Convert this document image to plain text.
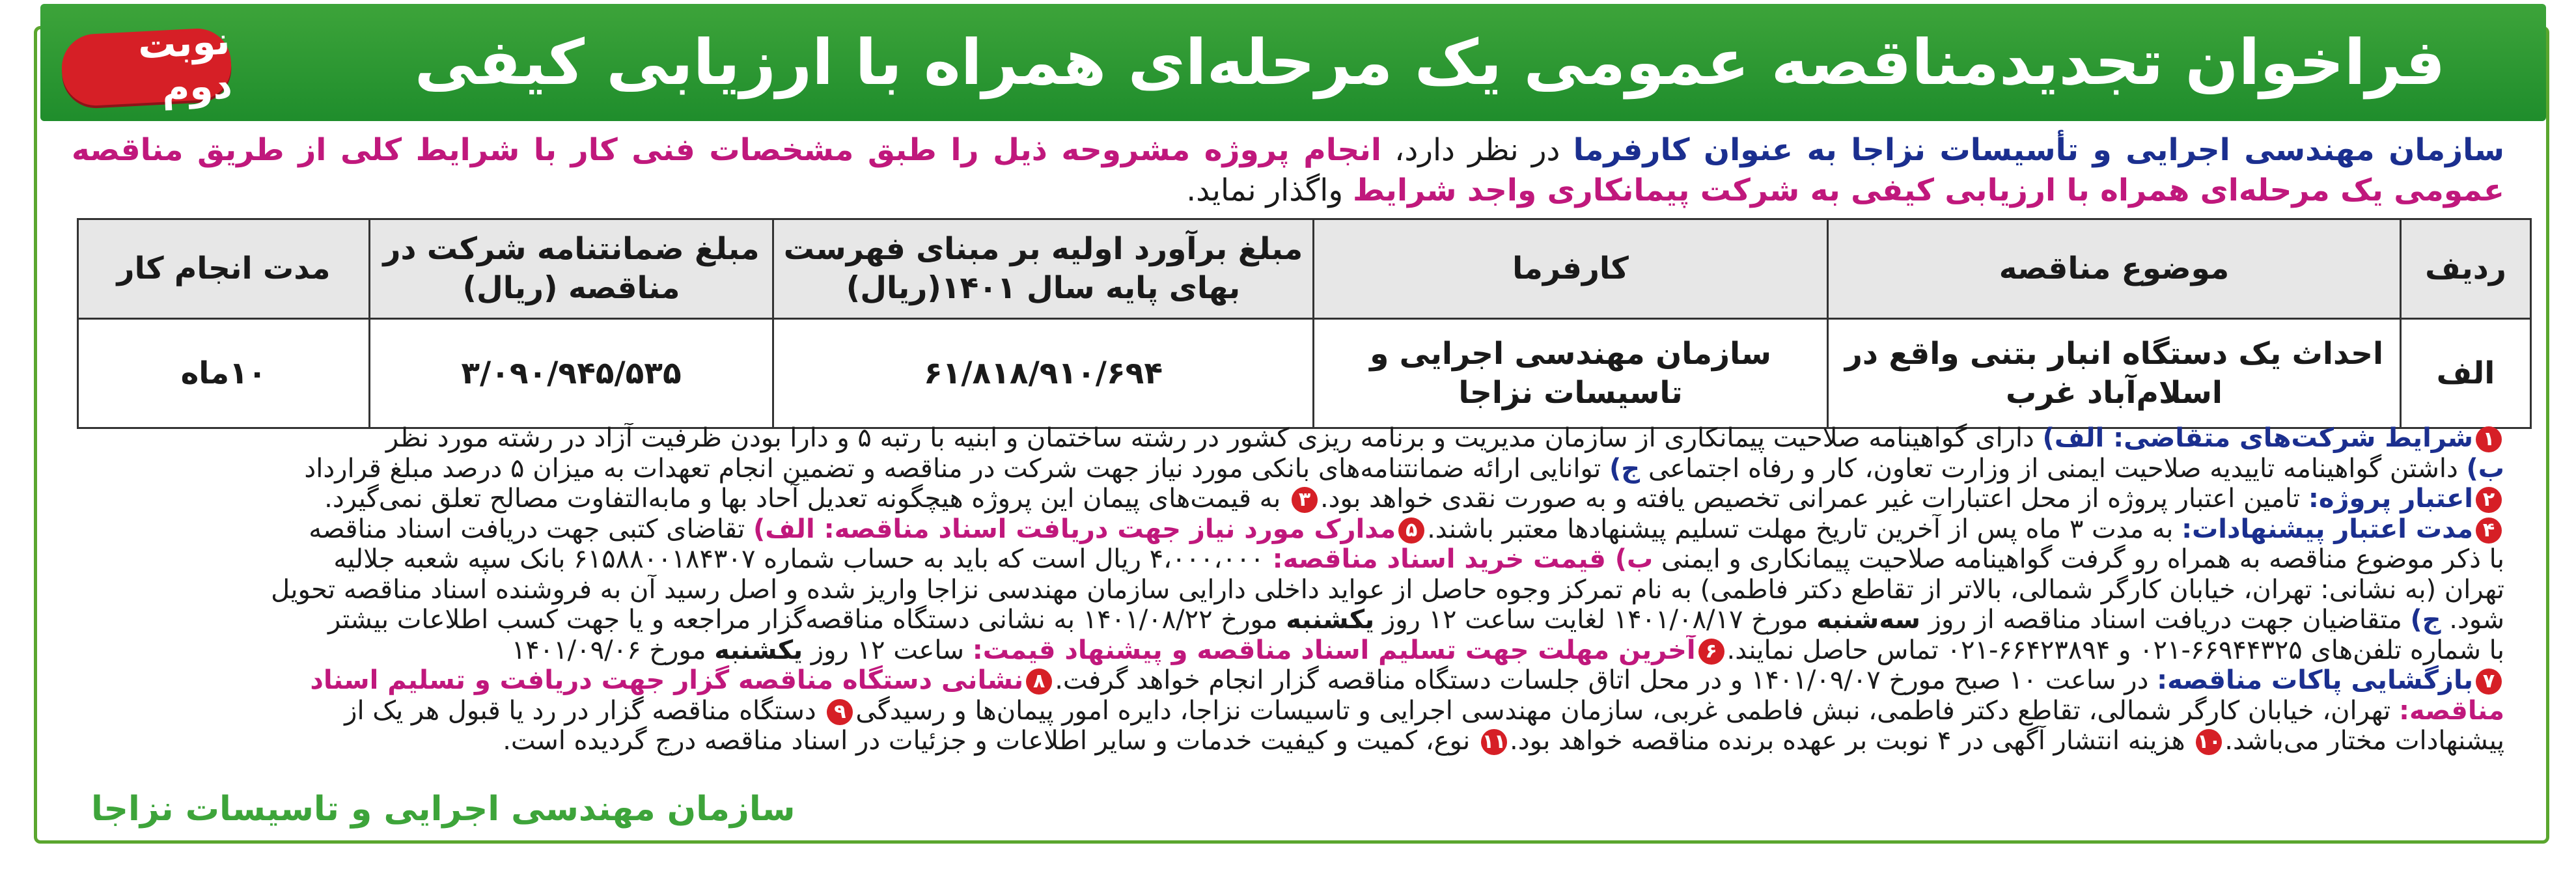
فراخوان تجدیدمناقصه عمومی یک مرحله‌ای همراه با ارزیابی کیفی
نوبت دوم
سازمان مهندسی اجرایی و تأسیسات نزاجا به عنوان کارفرما در نظر دارد، انجام پروژه مشروحه ذیل را طبق مشخصات فنی کار با شرایط کلی از طریق مناقصه عمومی یک مرحله‌ای همراه با ارزیابی کیفی به شرکت پیمانکاری واجد شرایط واگذار نماید.
ردیف	موضوع مناقصه	کارفرما	مبلغ برآورد اولیه بر مبنای فهرست بهای پایه سال ۱۴۰۱(ریال)	مبلغ ضمانتنامه شرکت در مناقصه (ریال)	مدت انجام کار
الف	احداث یک دستگاه انبار بتنی واقع در اسلام‌آباد غرب	سازمان مهندسی اجرایی و تاسیسات نزاجا	۶۱/۸۱۸/۹۱۰/۶۹۴	۳/۰۹۰/۹۴۵/۵۳۵	۱۰ماه
۱شرایط شرکت‌های متقاضی: الف) دارای گواهینامه صلاحیت پیمانکاری از سازمان مدیریت و برنامه ریزی کشور در رشته ساختمان و ابنیه با رتبه ۵ و دارا بودن ظرفیت آزاد در رشته مورد نظر
ب) داشتن گواهینامه تاییدیه صلاحیت ایمنی از وزارت تعاون، کار و رفاه اجتماعی ج) توانایی ارائه ضمانتنامه‌های بانکی مورد نیاز جهت شرکت در مناقصه و تضمین انجام تعهدات به میزان ۵ درصد مبلغ قرارداد
۲اعتبار پروژه: تامین اعتبار پروژه از محل اعتبارات غیر عمرانی تخصیص یافته و به صورت نقدی خواهد بود.۳ به قیمت‌های پیمان این پروژه هیچگونه تعدیل آحاد بها و مابه‌التفاوت مصالح تعلق نمی‌گیرد.
۴مدت اعتبار پیشنهادات: به مدت ۳ ماه پس از آخرین تاریخ مهلت تسلیم پیشنهادها معتبر باشند.۵مدارک مورد نیاز جهت دریافت اسناد مناقصه: الف) تقاضای کتبی جهت دریافت اسناد مناقصه
با ذکر موضوع مناقصه به همراه رو گرفت گواهینامه صلاحیت پیمانکاری و ایمنی ب) قیمت خرید اسناد مناقصه: ۴،۰۰۰،۰۰۰ ریال است که باید به حساب شماره ۶۱۵۸۸۰۰۱۸۴۳۰۷ بانک سپه شعبه جلالیه
تهران (به نشانی: تهران، خیابان کارگر شمالی، بالاتر از تقاطع دکتر فاطمی) به نام تمرکز وجوه حاصل از عواید داخلی دارایی سازمان مهندسی نزاجا واریز شده و اصل رسید آن به فروشنده اسناد مناقصه تحویل
شود. ج) متقاضیان جهت دریافت اسناد مناقصه از روز سه‌شنبه مورخ ۱۴۰۱/۰۸/۱۷ لغایت ساعت ۱۲ روز یکشنبه مورخ ۱۴۰۱/۰۸/۲۲ به نشانی دستگاه مناقصه‌گزار مراجعه و یا جهت کسب اطلاعات بیشتر
با شماره تلفن‌های ۶۶۹۴۴۳۲۵-۰۲۱ و ۶۶۴۲۳۸۹۴-۰۲۱ تماس حاصل نمایند.۶آخرین مهلت جهت تسلیم اسناد مناقصه و پیشنهاد قیمت: ساعت ۱۲ روز یکشنبه مورخ ۱۴۰۱/۰۹/۰۶
۷بازگشایی پاکات مناقصه: در ساعت ۱۰ صبح مورخ ۱۴۰۱/۰۹/۰۷ و در محل اتاق جلسات دستگاه مناقصه گزار انجام خواهد گرفت.۸نشانی دستگاه مناقصه گزار جهت دریافت و تسلیم اسناد
مناقصه: تهران، خیابان کارگر شمالی، تقاطع دکتر فاطمی، نبش فاطمی غربی، سازمان مهندسی اجرایی و تاسیسات نزاجا، دایره امور پیمان‌ها و رسیدگی۹ دستگاه مناقصه گزار در رد یا قبول هر یک از
پیشنهادات مختار می‌باشد.۱۰ هزینه انتشار آگهی در ۴ نوبت بر عهده برنده مناقصه خواهد بود.۱۱ نوع، کمیت و کیفیت خدمات و سایر اطلاعات و جزئیات در اسناد مناقصه درج گردیده است.
سازمان مهندسی اجرایی و تاسیسات نزاجا
